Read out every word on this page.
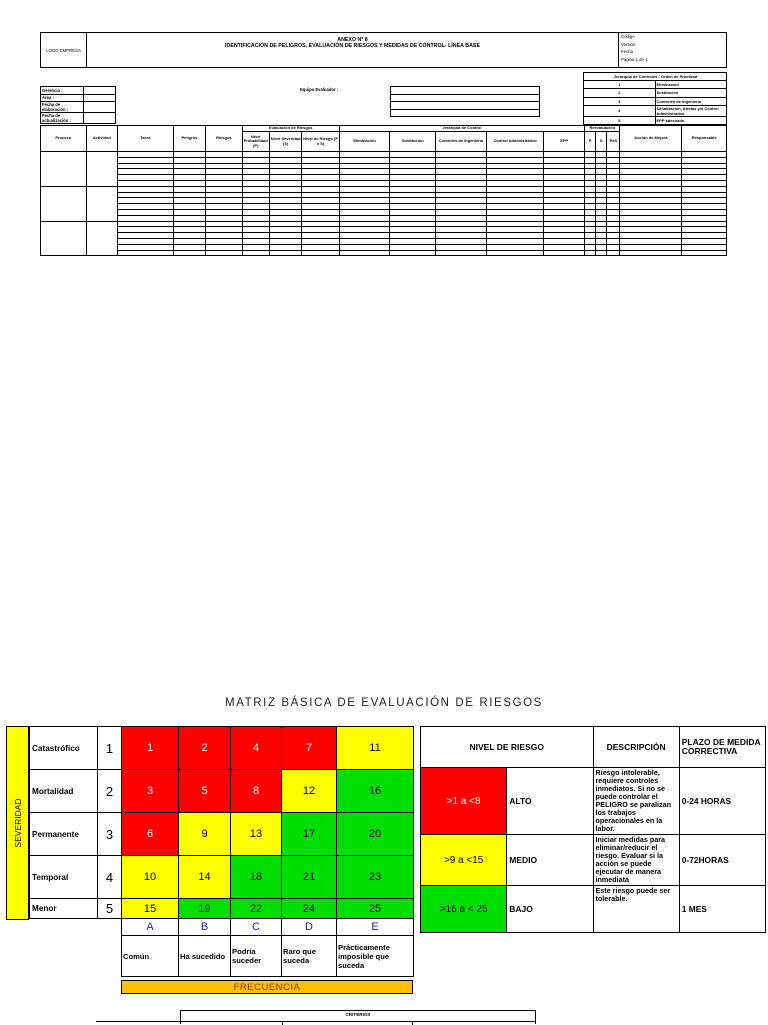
LOGO EMPRESA	
ANEXO Nº 8
IDENTIFICACIÓN DE PELIGROS, EVALUACIÓN DE RIESGOS Y MEDIDAS DE CONTROL- LÍNEA BASE

Código
Versión
Fecha
Página 1 de 1
Jerarquía de Controles - Orden de Prioridad	
1	Eliminación
2	Sustitución
3	Controles de Ingeniería
4	Señalización, Alertas y/o Control Administrativo
5	EPP adecuado
Gerencia :	
Área :	
Fecha de elaboración :	
Fecha de actualización :	
Equipo Evaluador :

Proceso	Actividad	Tarea	Peligros	Riesgos	Evaluación de Riesgos			Jerarquía de Control					Reevaluación			Acción de Mejora	Responsable
					Nivel Probabilidad (P)	Nivel Severidad (S)	Nivel de Riesgo (P x S)	Eliminación	Sustitución	Controles de Ingeniería	Control Administrativo	EPP	P	S	PxS		

MATRIZ BÁSICA DE EVALUACIÓN DE RIESGOS
SEVERIDAD
Catastrófico	1	1	2	4	7	11
Mortalidad	2	3	5	8	12	16
Permanente	3	6	9	13	17	20
Temporal	4	10	14	18	21	23
Menor	5	15	19	22	24	25
		A	B	C	D	E
		Común	Ha sucedido	Podría suceder	Raro que suceda	Prácticamente imposible que suceda
FRECUENCIA
NIVEL DE RIESGO		DESCRIPCIÓN	PLAZO DE MEDIDA CORRECTIVA
>1 a <8	ALTO	Riesgo intolerable, requiere controles inmediatos. Si no se puede controlar el PELIGRO se paralizan los trabajos operacionales en la labor.	0-24 HORAS
>9 a <15	MEDIO	Iniciar medidas para eliminar/reducir el riesgo. Evaluar si la acción se puede ejecutar de manera inmediata	0-72HORAS
>16 a < 25	BAJO	Este riesgo puede ser tolerable.	1 MES
CRITERIOS
